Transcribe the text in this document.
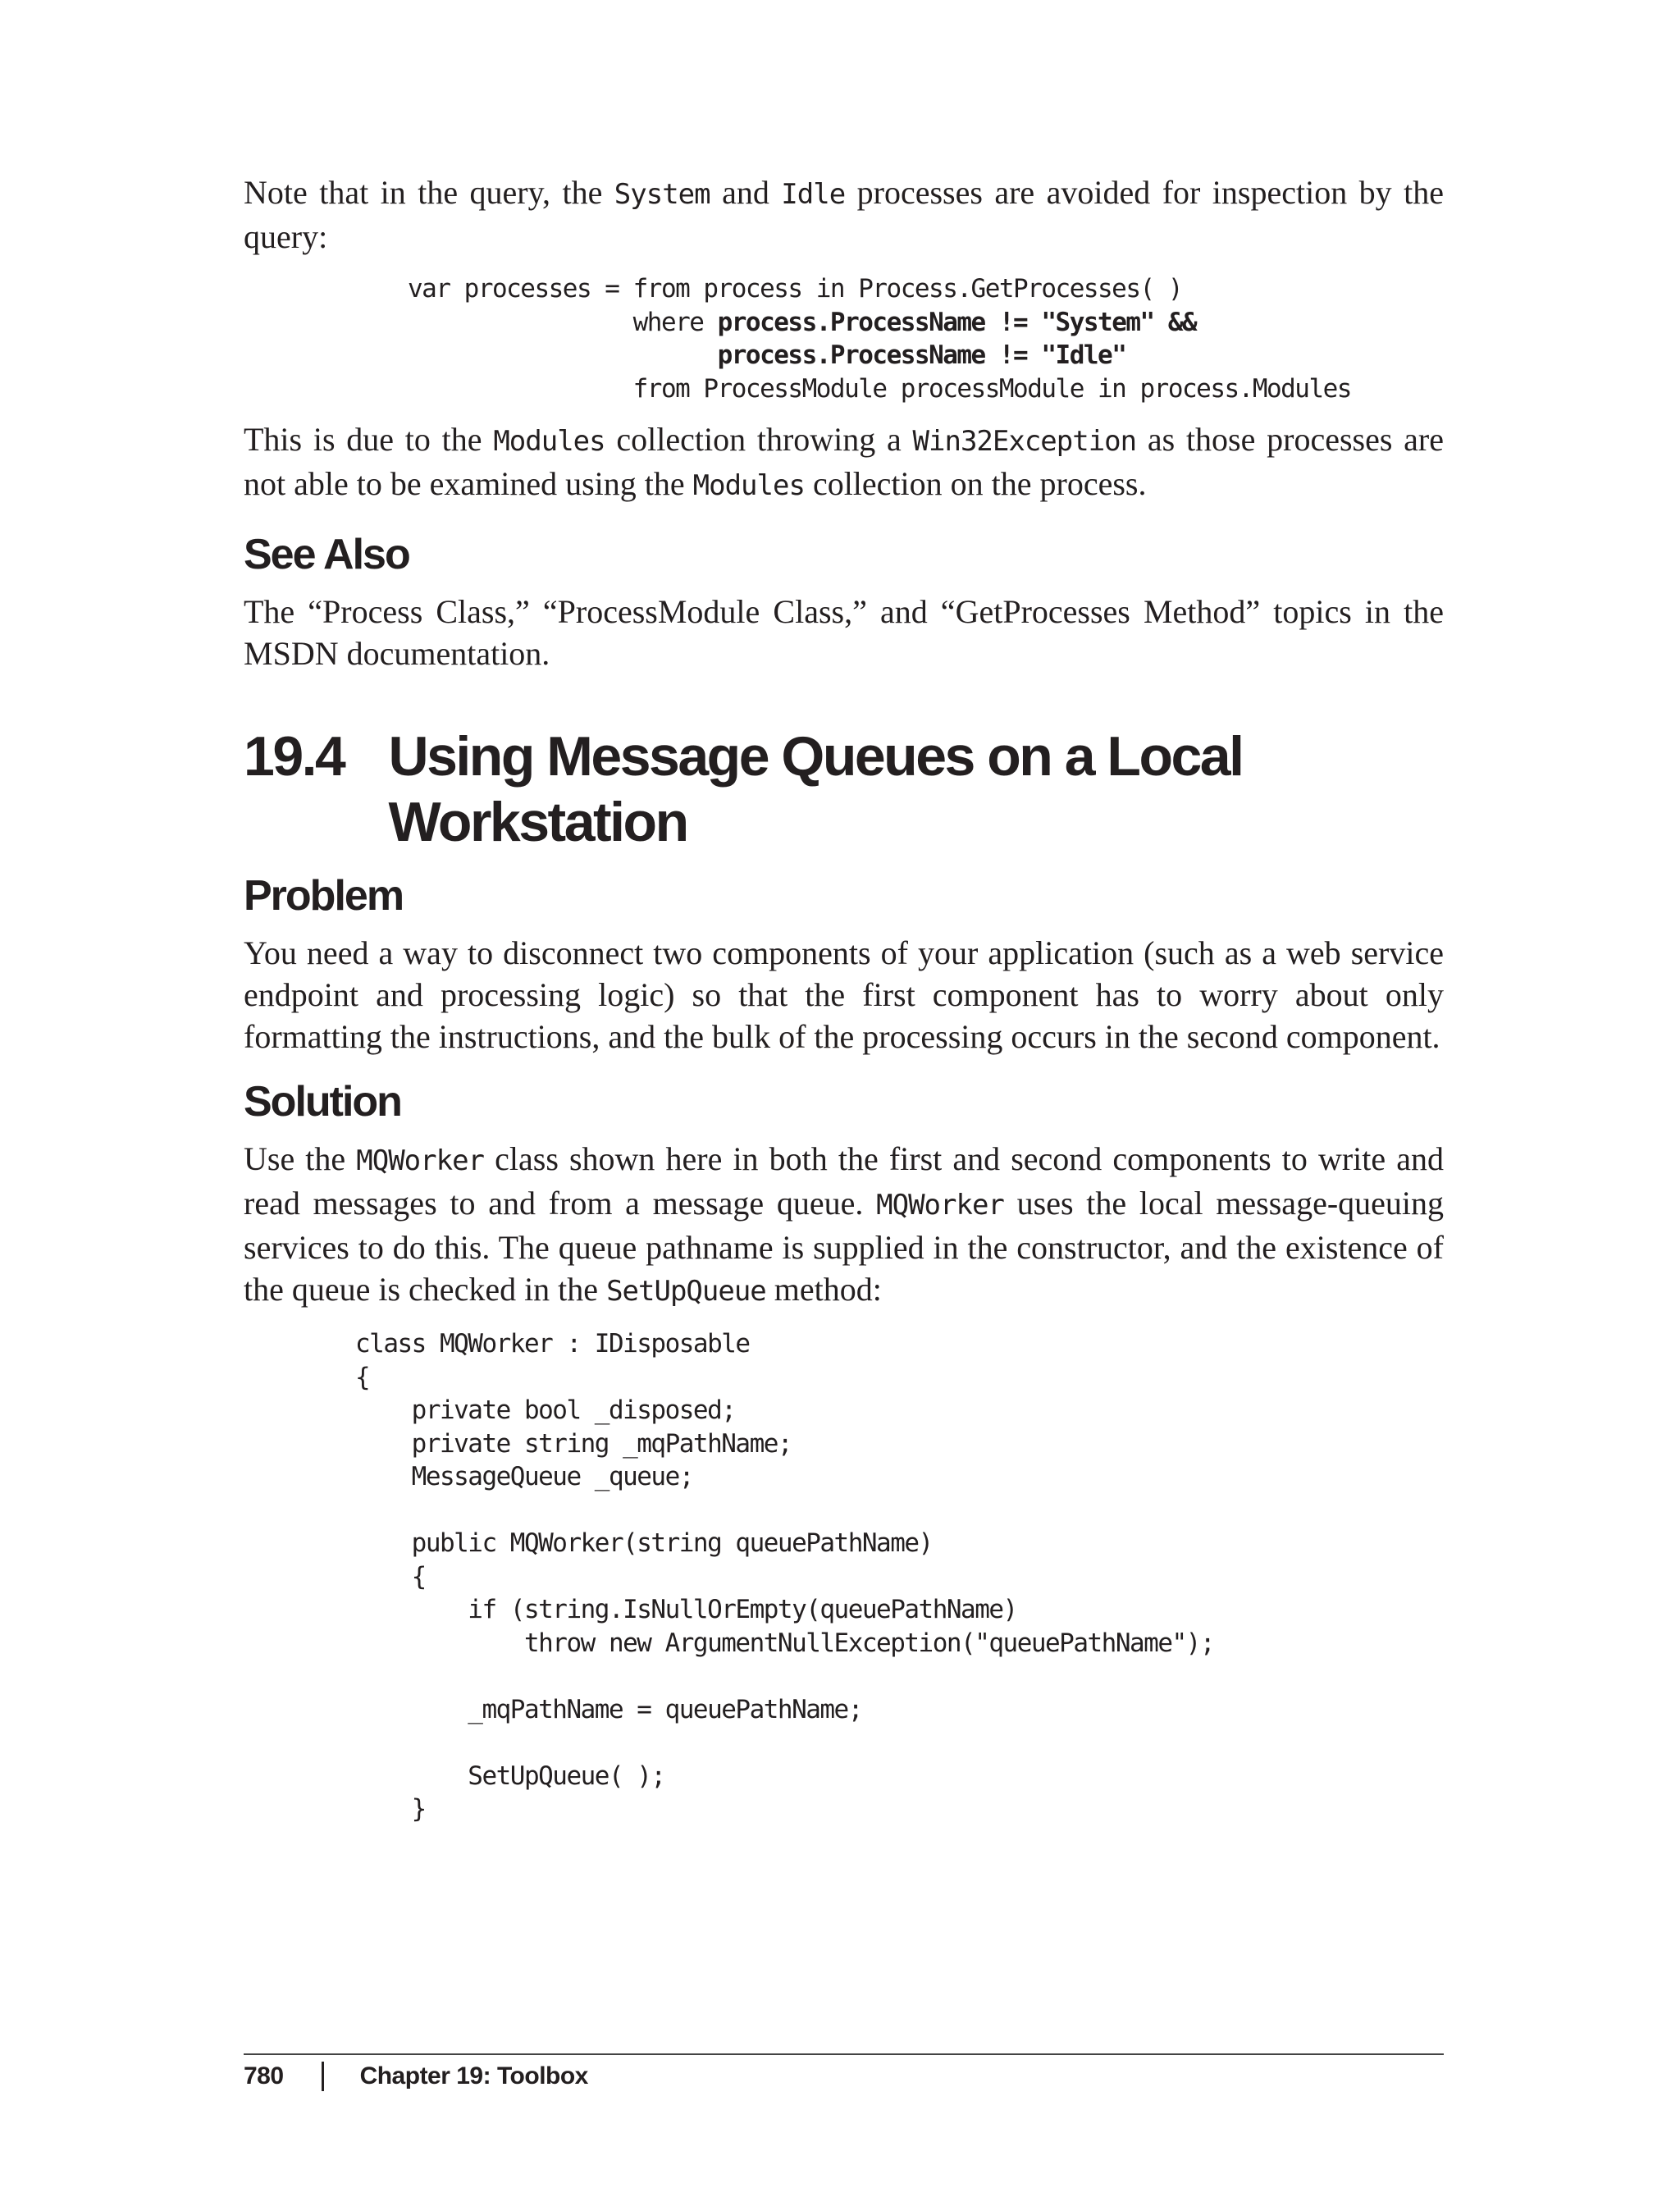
Note that in the query, the System and Idle processes are avoided for inspection by the query:

var processes = from process in Process.GetProcesses( )
where process.ProcessName != "System" &&
process.ProcessName != "Idle"
from ProcessModule processModule in process.Modules

This is due to the Modules collection throwing a Win32Exception as those processes are not able to be examined using the Modules collection on the process.

See Also

The “Process Class,” “ProcessModule Class,” and “GetProcesses Method” topics in the MSDN documentation.

19.4 Using Message Queues on a Local Workstation
Problem

You need a way to disconnect two components of your application (such as a web service endpoint and processing logic) so that the first component has to worry about only formatting the instructions, and the bulk of the processing occurs in the second component.

Solution

Use the MQWorker class shown here in both the first and second components to write and read messages to and from a message queue. MQWorker uses the local message-queuing services to do this. The queue pathname is supplied in the constructor, and the existence of the queue is checked in the SetUpQueue method:

class MQWorker : IDisposable
{
private bool _disposed;
private string _mqPathName;
MessageQueue _queue;
public MQWorker(string queuePathName)
{
if (string.IsNullOrEmpty(queuePathName)
throw new ArgumentNullException("queuePathName");
_mqPathName = queuePathName;
SetUpQueue( );
}
780	Chapter 19: Toolbox
